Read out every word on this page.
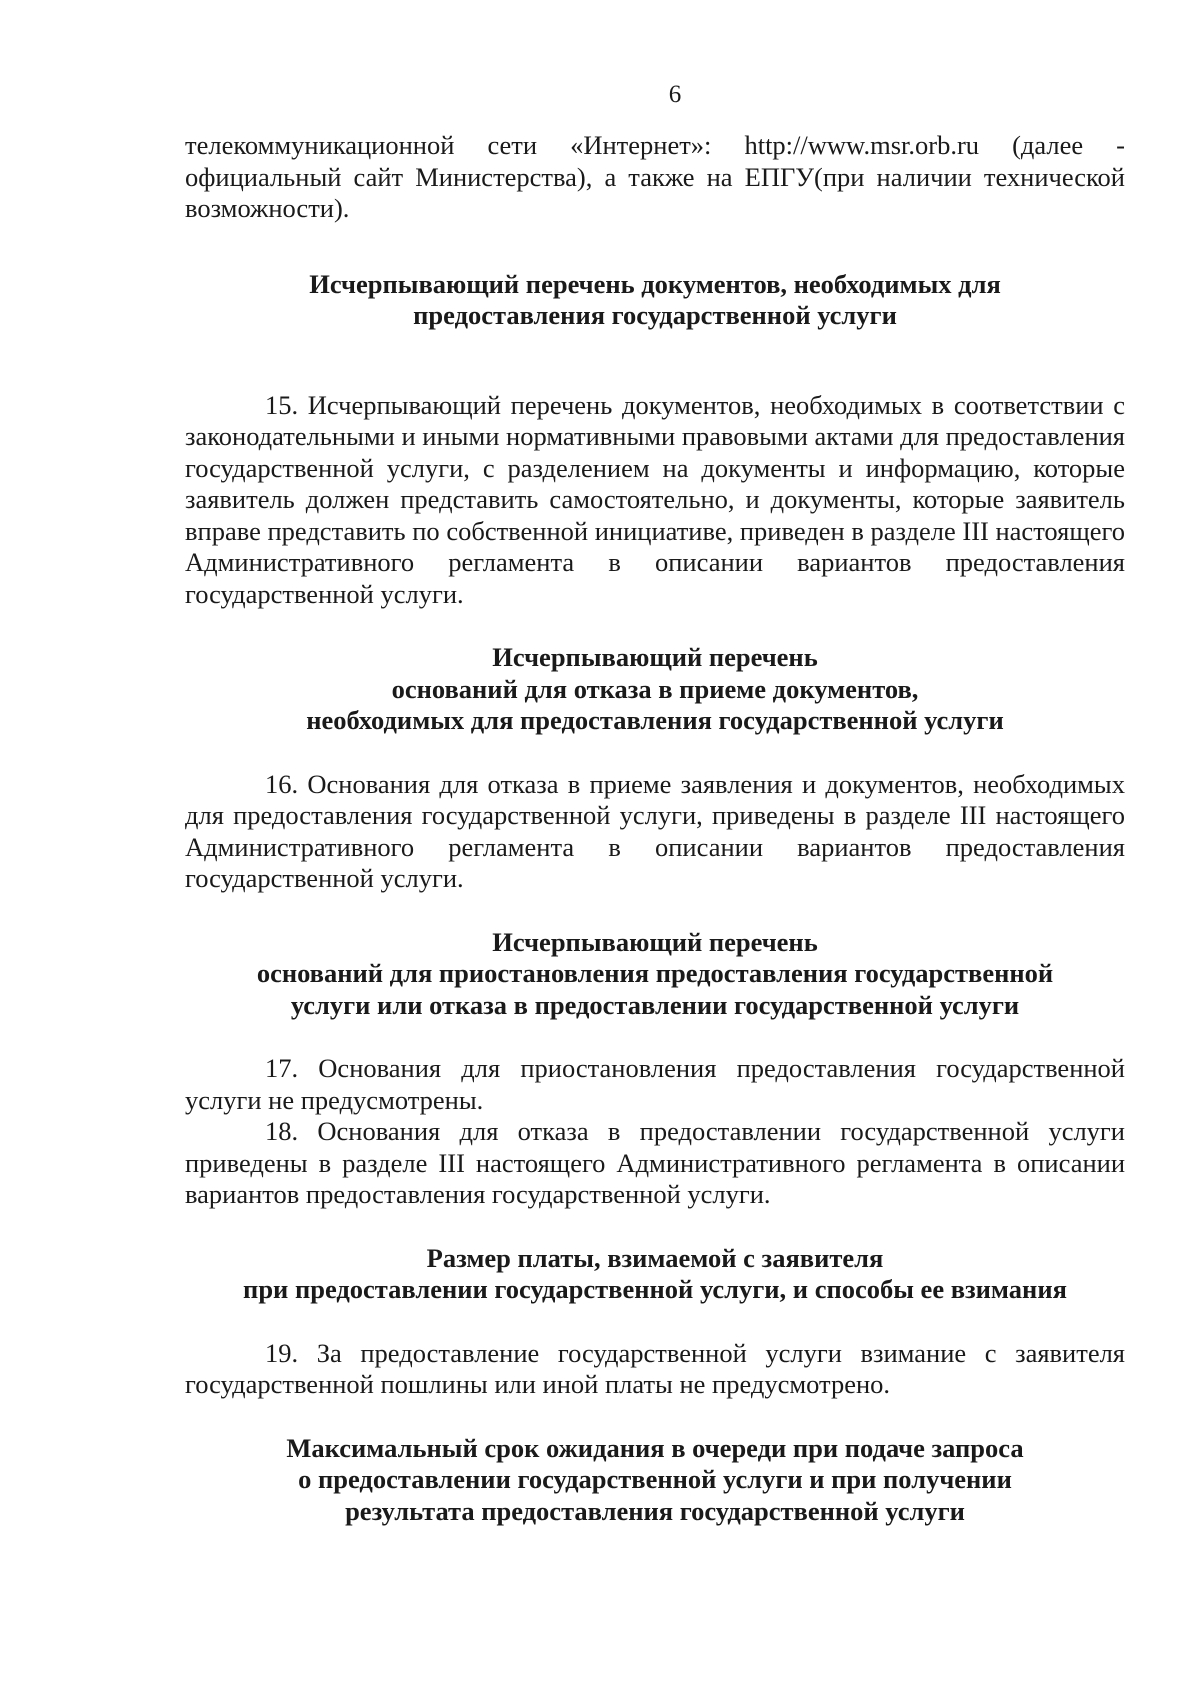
6

телекоммуникационной сети «Интернет»: http://www.msr.orb.ru (далее - официальный сайт Министерства), а также на ЕПГУ(при наличии технической возможности).

Исчерпывающий перечень документов, необходимых для
предоставления государственной услуги

15. Исчерпывающий перечень документов, необходимых в соответствии с законодательными и иными нормативными правовыми актами для предоставления государственной услуги, с разделением на документы и информацию, которые заявитель должен представить самостоятельно, и документы, которые заявитель вправе представить по собственной инициативе, приведен в разделе III настоящего Административного регламента в описании вариантов предоставления государственной услуги.

Исчерпывающий перечень
оснований для отказа в приеме документов,
необходимых для предоставления государственной услуги

16. Основания для отказа в приеме заявления и документов, необходимых для предоставления государственной услуги, приведены в разделе III настоящего Административного регламента в описании вариантов предоставления государственной услуги.

Исчерпывающий перечень
оснований для приостановления предоставления государственной
услуги или отказа в предоставлении государственной услуги

17. Основания для приостановления предоставления государственной услуги не предусмотрены.

18. Основания для отказа в предоставлении государственной услуги приведены в разделе III настоящего Административного регламента в описании вариантов предоставления государственной услуги.

Размер платы, взимаемой с заявителя
при предоставлении государственной услуги, и способы ее взимания

19. За предоставление государственной услуги взимание с заявителя государственной пошлины или иной платы не предусмотрено.

Максимальный срок ожидания в очереди при подаче запроса
о предоставлении государственной услуги и при получении
результата предоставления государственной услуги
